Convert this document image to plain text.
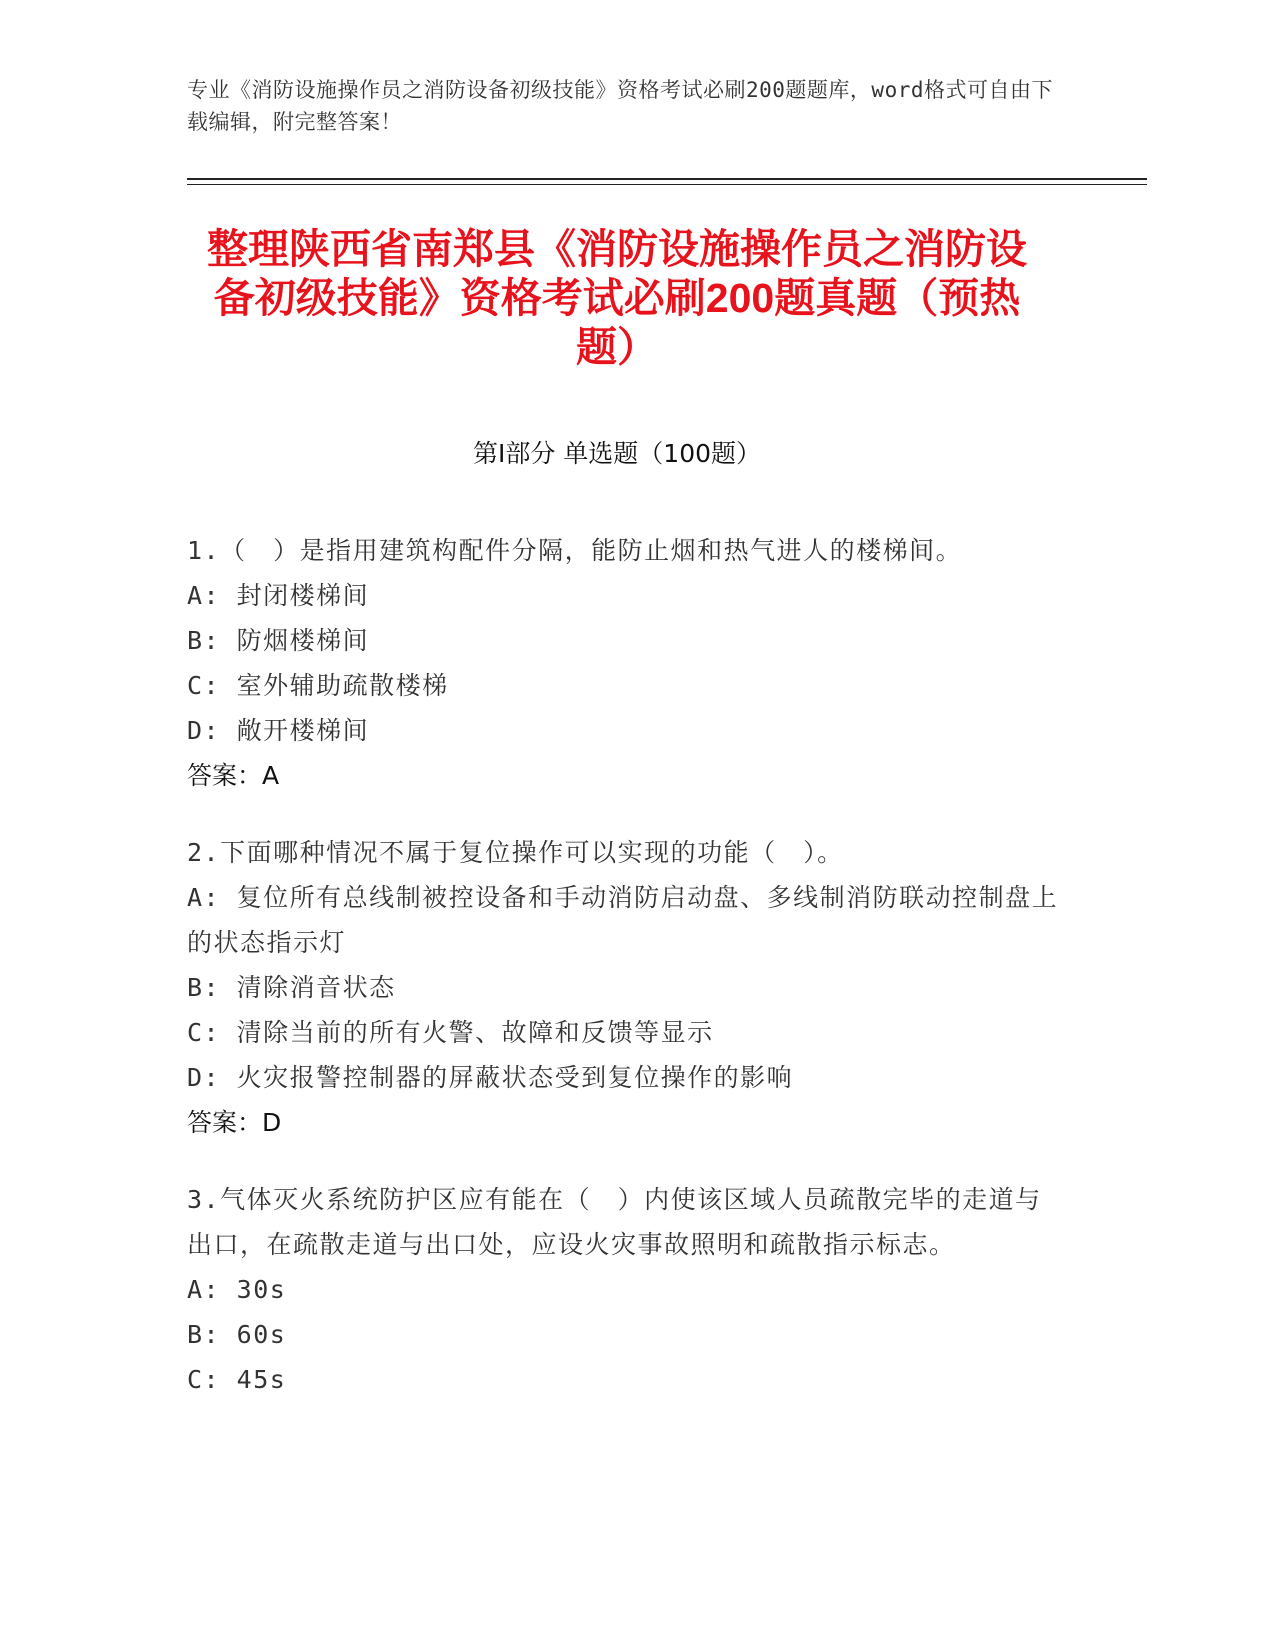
专业《消防设施操作员之消防设备初级技能》资格考试必刷200题题库，word格式可自由下载编辑，附完整答案！
整理陕西省南郑县《消防设施操作员之消防设备初级技能》资格考试必刷200题真题（预热题）
第I部分 单选题（100题）

1.（　）是指用建筑构配件分隔，能防止烟和热气进人的楼梯间。

A: 封闭楼梯间

B: 防烟楼梯间

C: 室外辅助疏散楼梯

D: 敞开楼梯间

答案：A

2.下面哪种情况不属于复位操作可以实现的功能（　）。

A: 复位所有总线制被控设备和手动消防启动盘、多线制消防联动控制盘上的状态指示灯

B: 清除消音状态

C: 清除当前的所有火警、故障和反馈等显示

D: 火灾报警控制器的屏蔽状态受到复位操作的影响

答案：D

3.气体灭火系统防护区应有能在（　）内使该区域人员疏散完毕的走道与出口，在疏散走道与出口处，应设火灾事故照明和疏散指示标志。

A: 30s

B: 60s

C: 45s
